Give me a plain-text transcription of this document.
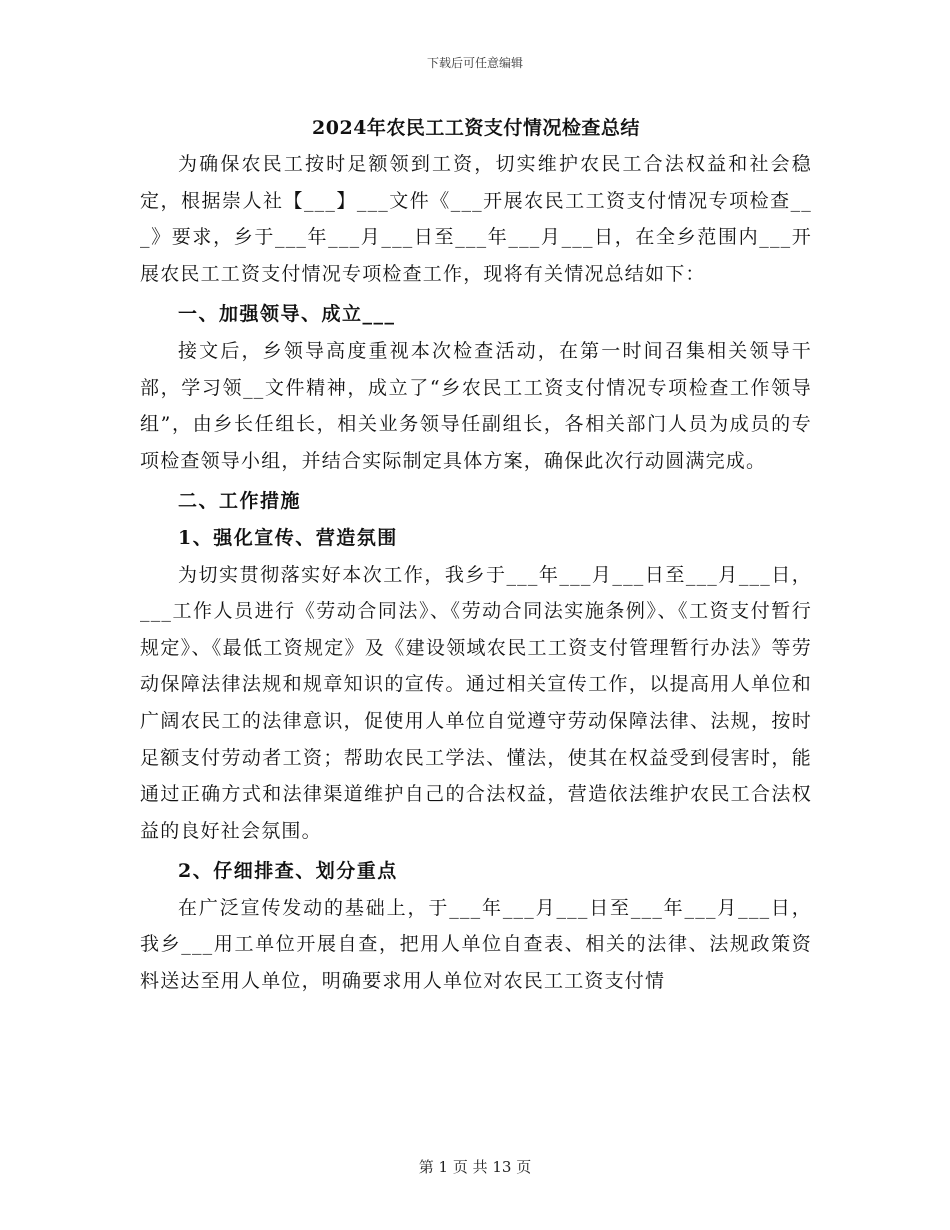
下载后可任意编辑
2024年农民工工资支付情况检查总结

为确保农民工按时足额领到工资，切实维护农民工合法权益和社会稳定，根据崇人社【___】___文件《___开展农民工工资支付情况专项检查___》要求，乡于___年___月___日至___年___月___日，在全乡范围内___开展农民工工资支付情况专项检查工作，现将有关情况总结如下：

一、加强领导、成立___

接文后，乡领导高度重视本次检查活动，在第一时间召集相关领导干部，学习领__文件精神，成立了“乡农民工工资支付情况专项检查工作领导组”，由乡长任组长，相关业务领导任副组长，各相关部门人员为成员的专项检查领导小组，并结合实际制定具体方案，确保此次行动圆满完成。

二、工作措施

1、强化宣传、营造氛围

为切实贯彻落实好本次工作，我乡于___年___月___日至___月___日，___工作人员进行《劳动合同法》、《劳动合同法实施条例》、《工资支付暂行规定》、《最低工资规定》及《建设领域农民工工资支付管理暂行办法》等劳动保障法律法规和规章知识的宣传。通过相关宣传工作，以提高用人单位和广阔农民工的法律意识，促使用人单位自觉遵守劳动保障法律、法规，按时足额支付劳动者工资；帮助农民工学法、懂法，使其在权益受到侵害时，能通过正确方式和法律渠道维护自己的合法权益，营造依法维护农民工合法权益的良好社会氛围。

2、仔细排查、划分重点

在广泛宣传发动的基础上，于___年___月___日至___年___月___日，我乡___用工单位开展自查，把用人单位自查表、相关的法律、法规政策资料送达至用人单位，明确要求用人单位对农民工工资支付情

第 1 页 共 13 页
